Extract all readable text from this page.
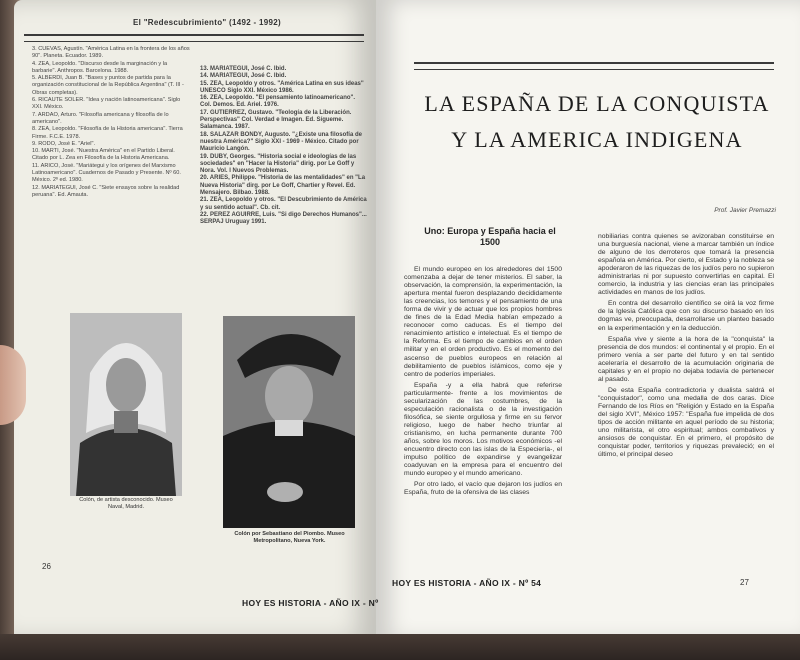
El "Redescubrimiento" (1492 - 1992)
3. CUEVAS, Agustín. "América Latina en la frontera de los años 90". Planeta. Ecuador. 1989.
4. ZEA, Leopoldo. "Discurso desde la marginación y la barbarie". Anthropos. Barcelona. 1988.
5. ALBERDI, Juan B. "Bases y puntos de partida para la organización constitucional de la República Argentina" (T. III - Obras completas).
6. RICAUTE SOLER. "Idea y nación latinoamericana". Siglo XXI. México.
7. ARDAO, Arturo. "Filosofía americana y filosofía de lo americano".
8. ZEA, Leopoldo. "Filosofía de la Historia americana". Tierra Firme. F.C.E. 1978.
9. RODO, José E. "Ariel".
10. MARTI, José. "Nuestra América" en el Partido Liberal. Citado por L. Zea en Filosofía de la Historia Americana.
11. ARICO, José. "Mariátegui y los orígenes del Marxismo Latinoamericano". Cuadernos de Pasado y Presente. Nº 60. México. 2º ed. 1980.
12. MARIATEGUI, José C. "Siete ensayos sobre la realidad peruana". Ed. Amauta.
13. MARIATEGUI, José C. Ibid.
14. MARIATEGUI, José C. Ibid.
15. ZEA, Leopoldo y otros. "América Latina en sus ideas" UNESCO Siglo XXI. México 1986.
16. ZEA, Leopoldo. "El pensamiento latinoamericano". Col. Demos. Ed. Ariel. 1976.
17. GUTIERREZ, Gustavo. "Teología de la Liberación. Perspectivas" Col. Verdad e Imagen. Ed. Sígueme. Salamanca. 1987.
18. SALAZAR BONDY, Augusto. "¿Existe una filosofía de nuestra América?" Siglo XXI - 1969 - México. Citado por Mauricio Langón.
19. DUBY, Georges. "Historia social e ideologías de las sociedades" en "Hacer la Historia" dirig. por Le Goff y Nora. Vol. I Nuevos Problemas.
20. ARIES, Philippe. "Historia de las mentalidades" en "La Nueva Historia" dirg. por Le Goff, Chartier y Revel. Ed. Mensajero. Bilbao. 1988.
21. ZEA, Leopoldo y otros. "El Descubrimiento de América y su sentido actual". Cb. cit.
22. PEREZ AGUIRRE, Luis. "Si digo Derechos Humanos"... SERPAJ Uruguay 1991.
Colón, de artista desconocido. Museo Naval, Madrid.
Colón por Sebastiano del Piombo. Museo Metropolitano, Nueva York.
26
HOY ES HISTORIA - AÑO IX - Nº
LA ESPAÑA DE LA CONQUISTA Y LA AMERICA INDIGENA
Prof. Javier Premazzi
Uno: Europa y España hacia el 1500

El mundo europeo en los alrededores del 1500 comenzaba a dejar de tener misterios. El saber, la observación, la comprensión, la experimentación, la apertura mental fueron desplazando decididamente las creencias, los temores y el pensamiento de una forma de vivir y de actuar que los propios hombres de fines de la Edad Media habían empezado a reconocer como caducas. Es el tiempo del renacimiento artístico e intelectual. Es el tiempo de la Reforma. Es el tiempo de cambios en el orden militar y en el orden productivo. Es el momento del ascenso de pueblos europeos en relación al debilitamiento de pueblos islámicos, como eje y centro de poderíos imperiales.

España -y a ella habrá que referirse particularmente- frente a los movimientos de secularización de las costumbres, de la especulación racionalista o de la investigación filosófica, se siente orgullosa y firme en su fervor religioso, luego de haber hecho triunfar al cristianismo, en lucha permanente durante 700 años, sobre los moros. Los motivos económicos -el encuentro directo con las islas de la Especiería-, el impulso político de expandirse y evangelizar coadyuvan en la empresa para el encuentro del mundo europeo y el mundo americano.

Por otro lado, el vacío que dejaron los judíos en España, fruto de la ofensiva de las clases

nobiliarias contra quienes se avizoraban constituirse en una burguesía nacional, viene a marcar también un índice de alguno de los derroteros que tomará la presencia española en América. Por cierto, el Estado y la nobleza se apoderaron de las riquezas de los judíos pero no supieron administrarlas ni por supuesto convertirlas en capital. El comercio, la industria y las ciencias eran las principales actividades en manos de los judíos.

En contra del desarrollo científico se oirá la voz firme de la Iglesia Católica que con su discurso basado en los dogmas ve, preocupada, desarrollarse un planteo basado en la experimentación y en la deducción.

España vive y siente a la hora de la "conquista" la presencia de dos mundos: el continental y el propio. En el primero venía a ser parte del futuro y en tal sentido aceleraría el desarrollo de la acumulación originaria de capitales y en el propio no dejaba todavía de pertenecer al pasado.

De esta España contradictoria y dualista saldrá el "conquistador", como una medalla de dos caras. Dice Fernando de los Ríos en "Religión y Estado en la España del siglo XVI", México 1957: "España fue impelida de dos tipos de acción militante en aquel período de su historia; uno militarista, el otro espiritual; ambos combativos y ansiosos de conquistar. En el primero, el propósito de conquistar poder, territorios y riquezas prevaleció; en el último, el principal deseo

HOY ES HISTORIA - AÑO IX - Nº 54	27
